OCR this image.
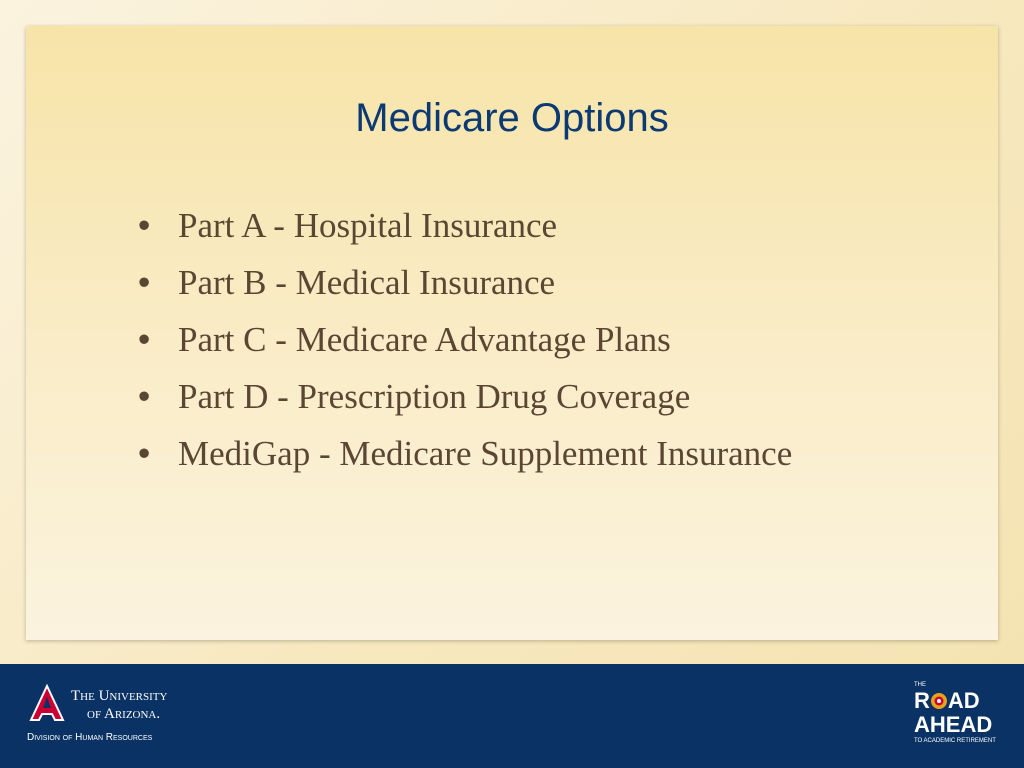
Medicare Options
• Part A - Hospital Insurance
• Part B - Medical Insurance
• Part C - Medicare Advantage Plans
• Part D - Prescription Drug Coverage
• MediGap - Medicare Supplement Insurance
The University
of Arizona.
Division of Human Resources
THE
R AD
AHEAD
TO ACADEMIC RETIREMENT
